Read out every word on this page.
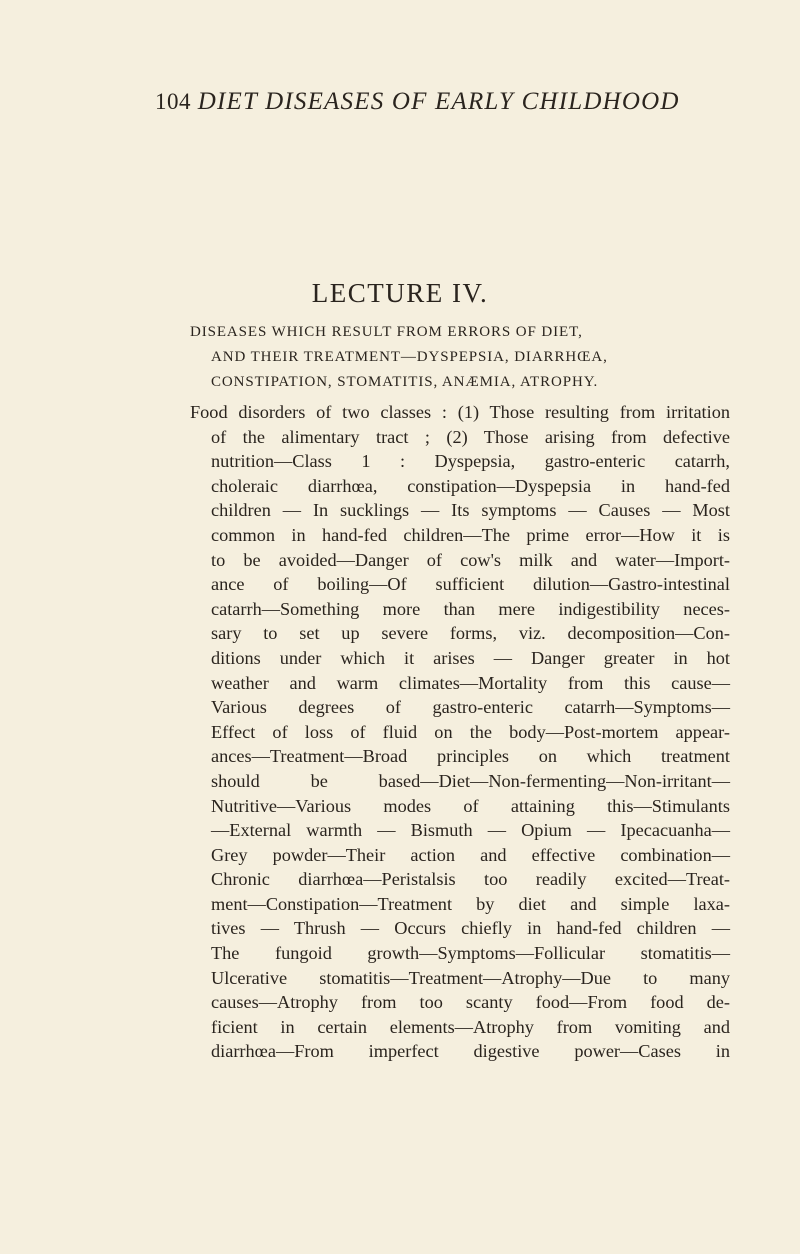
104 DIET DISEASES OF EARLY CHILDHOOD
LECTURE IV.
DISEASES WHICH RESULT FROM ERRORS OF DIET,
AND THEIR TREATMENT—DYSPEPSIA, DIARRHŒA,
CONSTIPATION, STOMATITIS, ANÆMIA, ATROPHY.
Food disorders of two classes : (1) Those resulting from irritation
of the alimentary tract ; (2) Those arising from defective
nutrition—Class 1 : Dyspepsia, gastro-enteric catarrh,
choleraic diarrhœa, constipation—Dyspepsia in hand-fed
children — In sucklings — Its symptoms — Causes — Most
common in hand-fed children—The prime error—How it is
to be avoided—Danger of cow's milk and water—Import-
ance of boiling—Of sufficient dilution—Gastro-intestinal
catarrh—Something more than mere indigestibility neces-
sary to set up severe forms, viz. decomposition—Con-
ditions under which it arises — Danger greater in hot
weather and warm climates—Mortality from this cause—
Various degrees of gastro-enteric catarrh—Symptoms—
Effect of loss of fluid on the body—Post-mortem appear-
ances—Treatment—Broad principles on which treatment
should be based—Diet—Non-fermenting—Non-irritant—
Nutritive—Various modes of attaining this—Stimulants
—External warmth — Bismuth — Opium — Ipecacuanha—
Grey powder—Their action and effective combination—
Chronic diarrhœa—Peristalsis too readily excited—Treat-
ment—Constipation—Treatment by diet and simple laxa-
tives — Thrush — Occurs chiefly in hand-fed children —
The fungoid growth—Symptoms—Follicular stomatitis—
Ulcerative stomatitis—Treatment—Atrophy—Due to many
causes—Atrophy from too scanty food—From food de-
ficient in certain elements—Atrophy from vomiting and
diarrhœa—From imperfect digestive power—Cases in
